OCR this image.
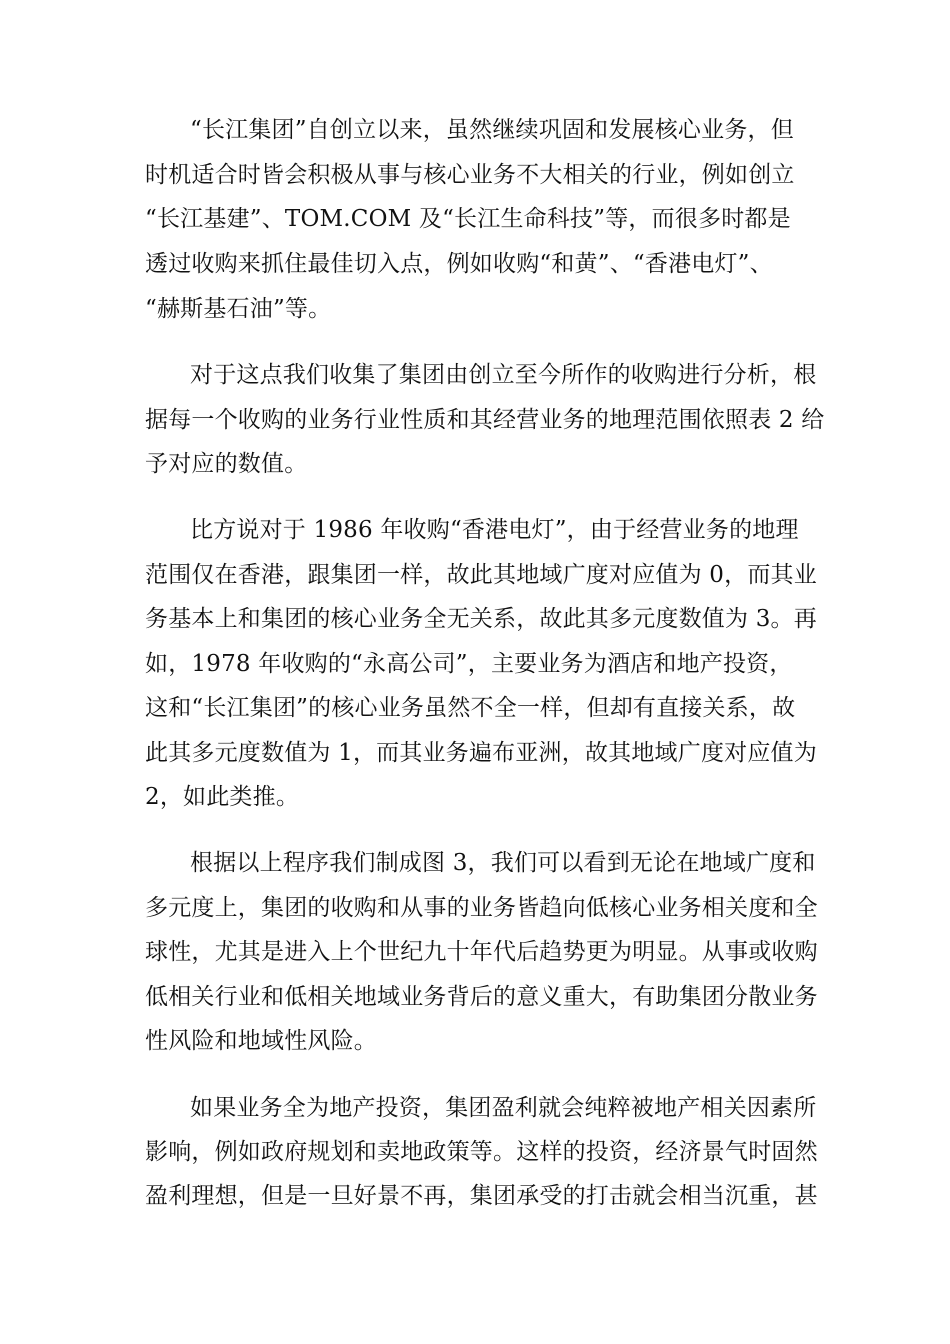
“长江集团”自创立以来，虽然继续巩固和发展核心业务，但
时机适合时皆会积极从事与核心业务不大相关的行业，例如创立
“长江基建”、TOM.COM 及“长江生命科技”等，而很多时都是
透过收购来抓住最佳切入点，例如收购“和黄”、“香港电灯”、
“赫斯基石油”等。
对于这点我们收集了集团由创立至今所作的收购进行分析，根
据每一个收购的业务行业性质和其经营业务的地理范围依照表 2 给
予对应的数值。
比方说对于 1986 年收购“香港电灯”，由于经营业务的地理
范围仅在香港，跟集团一样，故此其地域广度对应值为 0，而其业
务基本上和集团的核心业务全无关系，故此其多元度数值为 3。再
如，1978 年收购的“永高公司”，主要业务为酒店和地产投资，
这和“长江集团”的核心业务虽然不全一样，但却有直接关系，故
此其多元度数值为 1，而其业务遍布亚洲，故其地域广度对应值为
2，如此类推。
根据以上程序我们制成图 3，我们可以看到无论在地域广度和
多元度上，集团的收购和从事的业务皆趋向低核心业务相关度和全
球性，尤其是进入上个世纪九十年代后趋势更为明显。从事或收购
低相关行业和低相关地域业务背后的意义重大，有助集团分散业务
性风险和地域性风险。
如果业务全为地产投资，集团盈利就会纯粹被地产相关因素所
影响，例如政府规划和卖地政策等。这样的投资，经济景气时固然
盈利理想，但是一旦好景不再，集团承受的打击就会相当沉重，甚
